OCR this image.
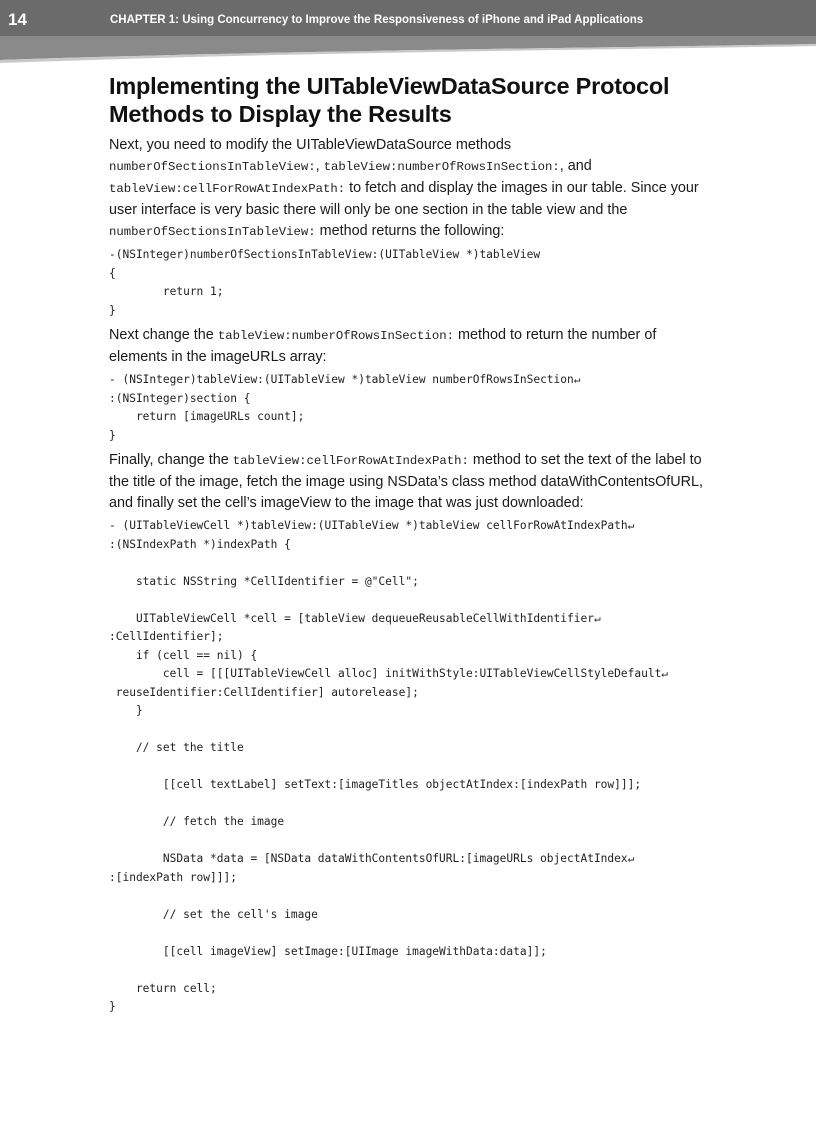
14	CHAPTER 1: Using Concurrency to Improve the Responsiveness of iPhone and iPad Applications
Implementing the UITableViewDataSource Protocol
Methods to Display the Results

Next, you need to modify the UITableViewDataSource methods
numberOfSectionsInTableView:, tableView:numberOfRowsInSection:, and
tableView:cellForRowAtIndexPath: to fetch and display the images in our table. Since your user interface is very basic there will only be one section in the table view and the numberOfSectionsInTableView: method returns the following:

-(NSInteger)numberOfSectionsInTableView:(UITableView *)tableView
{
return 1;
}

Next change the tableView:numberOfRowsInSection: method to return the number of elements in the imageURLs array:

- (NSInteger)tableView:(UITableView *)tableView numberOfRowsInSection↵
:(NSInteger)section {
return [imageURLs count];
}

Finally, change the tableView:cellForRowAtIndexPath: method to set the text of the label to the title of the image, fetch the image using NSData’s class method dataWithContentsOfURL, and finally set the cell’s imageView to the image that was just downloaded:

- (UITableViewCell *)tableView:(UITableView *)tableView cellForRowAtIndexPath↵
:(NSIndexPath *)indexPath {

static NSString *CellIdentifier = @"Cell";

UITableViewCell *cell = [tableView dequeueReusableCellWithIdentifier↵
:CellIdentifier];
if (cell == nil) {
cell = [[[UITableViewCell alloc] initWithStyle:UITableViewCellStyleDefault↵
reuseIdentifier:CellIdentifier] autorelease];
}

// set the title

[[cell textLabel] setText:[imageTitles objectAtIndex:[indexPath row]]];

// fetch the image

NSData *data = [NSData dataWithContentsOfURL:[imageURLs objectAtIndex↵
:[indexPath row]]];

// set the cell's image

[[cell imageView] setImage:[UIImage imageWithData:data]];

return cell;
}
